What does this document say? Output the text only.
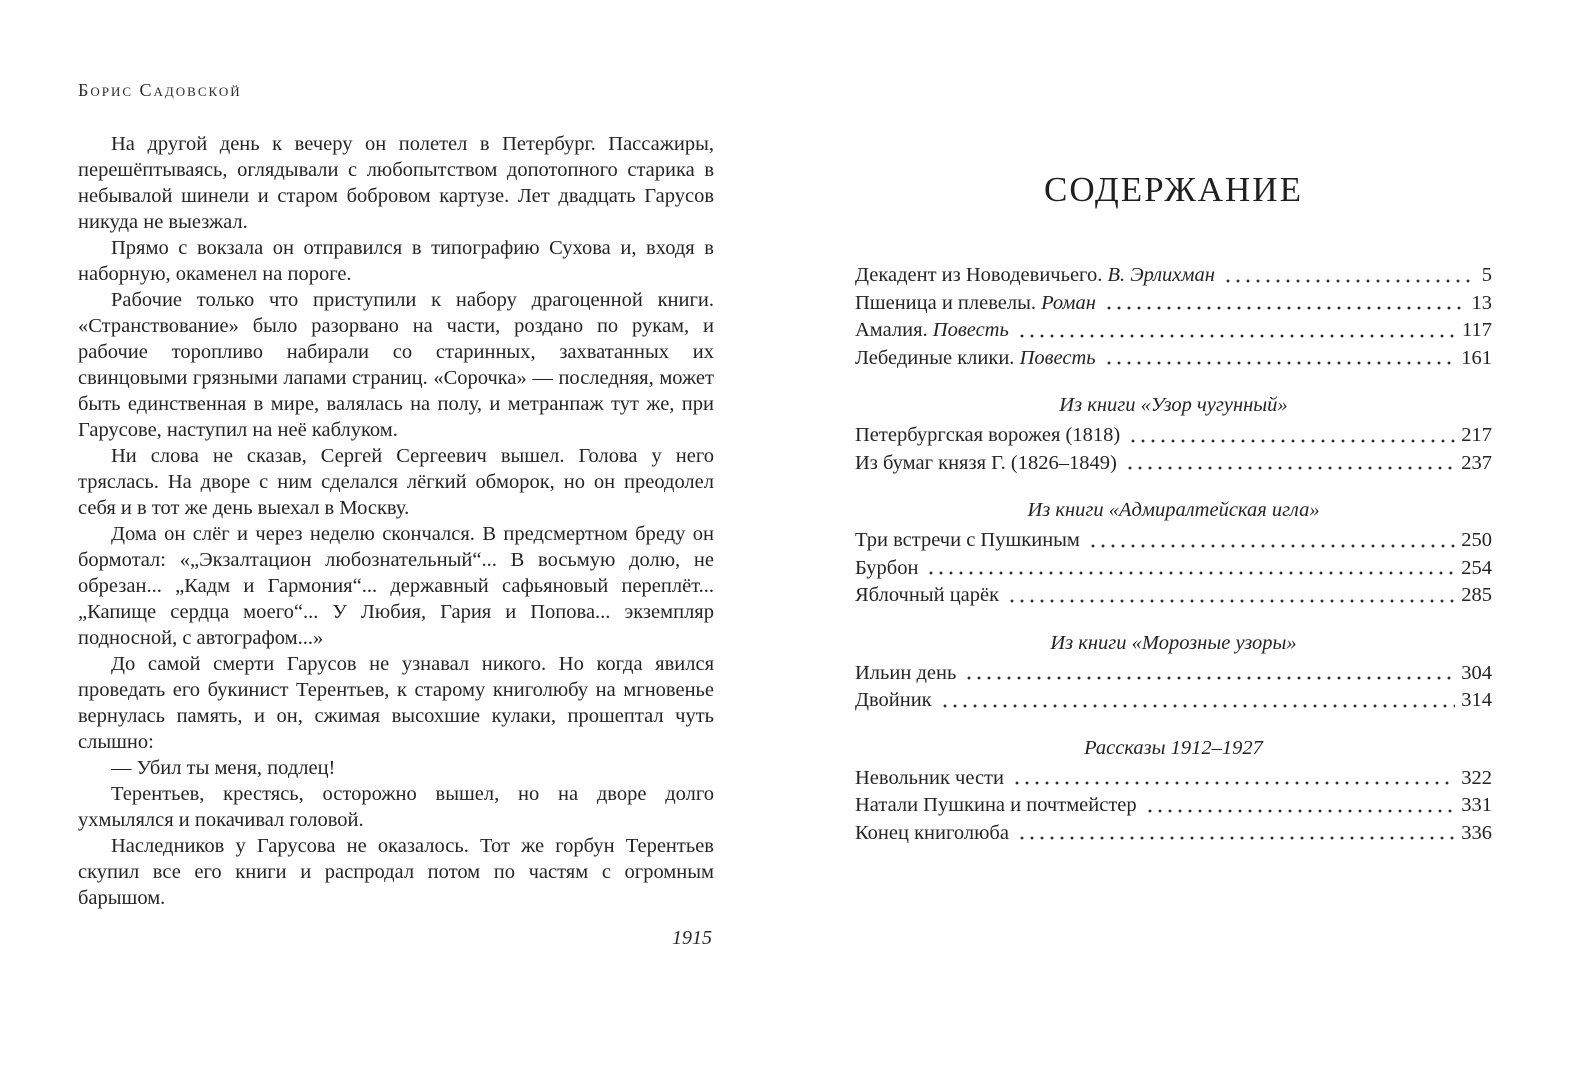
Борис Садовской

На другой день к вечеру он полетел в Петербург. Пассажиры, перешёптываясь, оглядывали с любопытством допотопного старика в небывалой шинели и старом бобровом картузе. Лет двадцать Гарусов никуда не выезжал.

Прямо с вокзала он отправился в типографию Сухова и, входя в наборную, окаменел на пороге.

Рабочие только что приступили к набору драгоценной книги. «Странствование» было разорвано на части, роздано по рукам, и рабочие торопливо набирали со старинных, захватанных их свинцовыми грязными лапами страниц. «Сорочка» — последняя, может быть единственная в мире, валялась на полу, и метранпаж тут же, при Гарусове, наступил на неё каблуком.

Ни слова не сказав, Сергей Сергеевич вышел. Голова у него тряслась. На дворе с ним сделался лёгкий обморок, но он преодолел себя и в тот же день выехал в Москву.

Дома он слёг и через неделю скончался. В предсмертном бреду он бормотал: «„Экзалтацион любознательный“... В восьмую долю, не обрезан... „Кадм и Гармония“... державный сафьяновый переплёт... „Капище сердца моего“... У Любия, Гария и Попова... экземпляр подносной, с автографом...»

До самой смерти Гарусов не узнавал никого. Но когда явился проведать его букинист Терентьев, к старому книголюбу на мгновенье вернулась память, и он, сжимая высохшие кулаки, прошептал чуть слышно:

— Убил ты меня, подлец!

Терентьев, крестясь, осторожно вышел, но на дворе долго ухмылялся и покачивал головой.

Наследников у Гарусова не оказалось. Тот же горбун Терентьев скупил все его книги и распродал потом по частям с огромным барышом.

1915
СОДЕРЖАНИЕ
Декадент из Новодевичьего. В. Эрлихман	5
Пшеница и плевелы. Роман	13
Амалия. Повесть	117
Лебединые клики. Повесть	161
Из книги «Узор чугунный»
Петербургская ворожея (1818)	217
Из бумаг князя Г. (1826–1849)	237
Из книги «Адмиралтейская игла»
Три встречи с Пушкиным	250
Бурбон	254
Яблочный царёк	285
Из книги «Морозные узоры»
Ильин день	304
Двойник	314
Рассказы 1912–1927
Невольник чести	322
Натали Пушкина и почтмейстер	331
Конец книголюба	336
